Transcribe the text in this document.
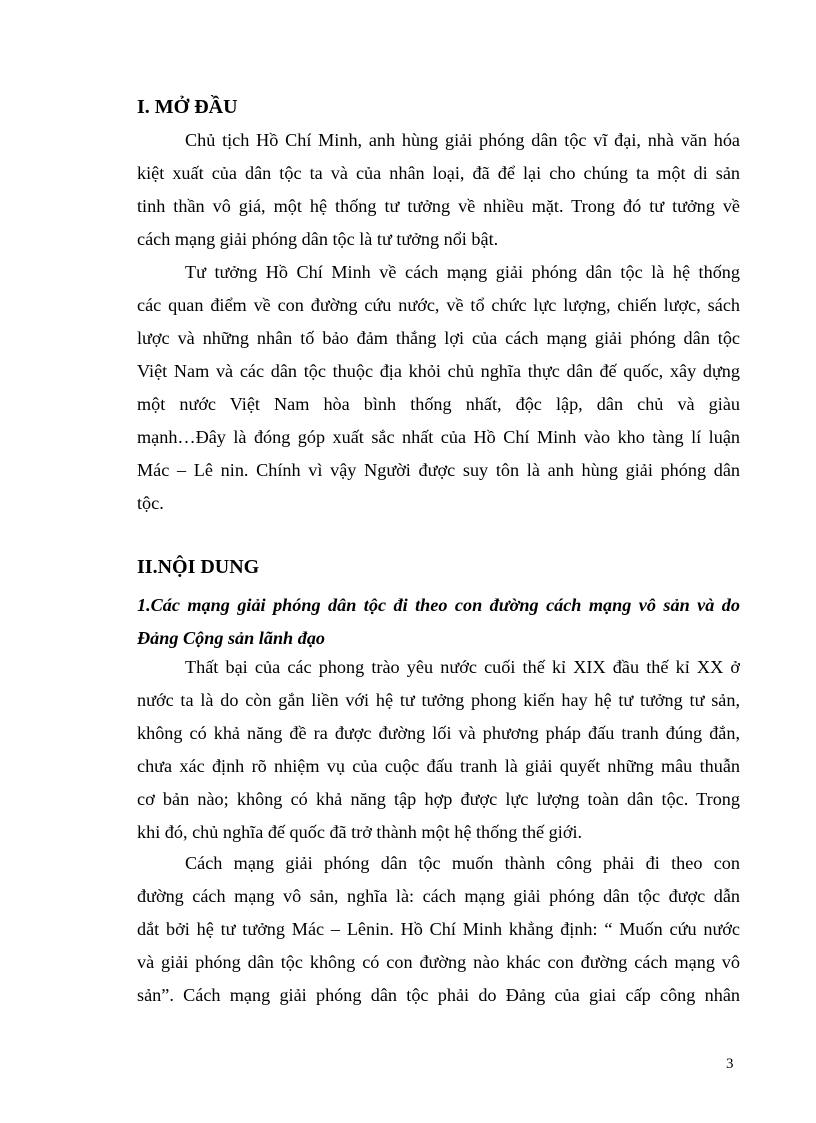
I. MỞ ĐẦU

Chủ tịch Hồ Chí Minh, anh hùng giải phóng dân tộc vĩ đại, nhà văn hóa
kiệt xuất của dân tộc ta và của nhân loại, đã để lại cho chúng ta một di sản
tinh thần vô giá, một hệ thống tư tưởng về nhiều mặt. Trong đó tư tưởng về
cách mạng giải phóng dân tộc là tư tưởng nổi bật.

Tư tưởng Hồ Chí Minh về cách mạng giải phóng dân tộc là hệ thống
các quan điểm về con đường cứu nước, về tổ chức lực lượng, chiến lược, sách
lược và những nhân tố bảo đảm thắng lợi của cách mạng giải phóng dân tộc
Việt Nam và các dân tộc thuộc địa khỏi chủ nghĩa thực dân đế quốc, xây dựng
một nước Việt Nam hòa bình thống nhất, độc lập, dân chủ và giàu
mạnh…Đây là đóng góp xuất sắc nhất của Hồ Chí Minh vào kho tàng lí luận
Mác – Lê nin. Chính vì vậy Người được suy tôn là anh hùng giải phóng dân
tộc.

II.NỘI DUNG

1.Các mạng giải phóng dân tộc đi theo con đường cách mạng vô sản và do
Đảng Cộng sản lãnh đạo

Thất bại của các phong trào yêu nước cuối thế kỉ XIX đầu thế kỉ XX ở
nước ta là do còn gắn liền với hệ tư tưởng phong kiến hay hệ tư tưởng tư sản,
không có khả năng đề ra được đường lối và phương pháp đấu tranh đúng đắn,
chưa xác định rõ nhiệm vụ của cuộc đấu tranh là giải quyết những mâu thuẫn
cơ bản nào; không có khả năng tập hợp được lực lượng toàn dân tộc. Trong
khi đó, chủ nghĩa đế quốc đã trở thành một hệ thống thế giới.

Cách mạng giải phóng dân tộc muốn thành công phải đi theo con
đường cách mạng vô sản, nghĩa là: cách mạng giải phóng dân tộc được dẫn
dắt bởi hệ tư tưởng Mác – Lênin. Hồ Chí Minh khẳng định: “ Muốn cứu nước
và giải phóng dân tộc không có con đường nào khác con đường cách mạng vô
sản”. Cách mạng giải phóng dân tộc phải do Đảng của giai cấp công nhân

3
